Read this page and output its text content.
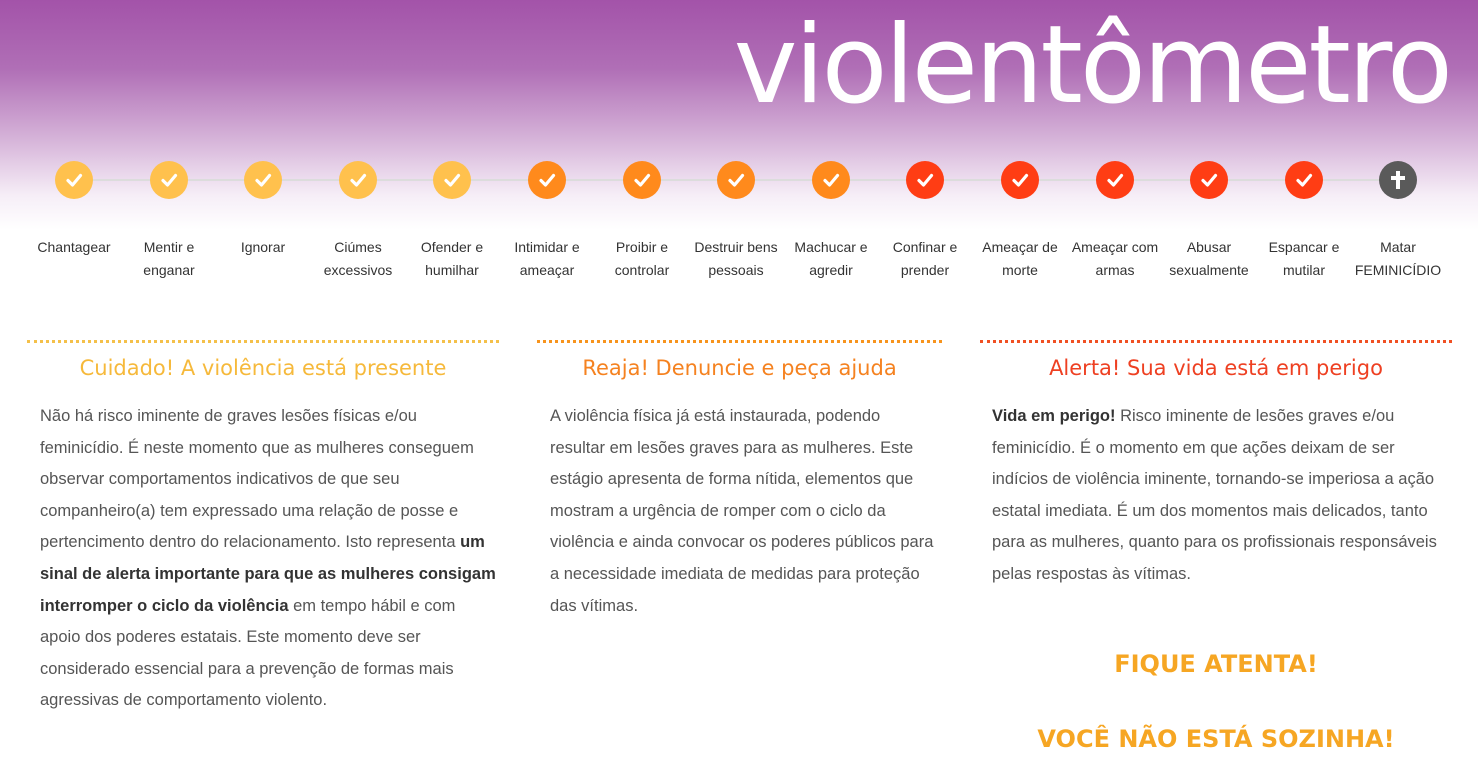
violentômetro
Chantagear	Mentir e enganar
Ignorar	Ciúmes excessivos
Ofender e humilhar
Intimidar e ameaçar
Proibir e controlar
Destruir bens pessoais
Machucar e agredir
Confinar e prender
Ameaçar de morte
Ameaçar com armas
Abusar sexualmente
Espancar e mutilar
Matar FEMINICÍDIO
Cuidado! A violência está presente

Não há risco iminente de graves lesões físicas e/ou feminicídio. É neste momento que as mulheres conseguem observar comportamentos indicativos de que seu companheiro(a) tem expressado uma relação de posse e pertencimento dentro do relacionamento. Isto representa um sinal de alerta importante para que as mulheres consigam interromper o ciclo da violência em tempo hábil e com apoio dos poderes estatais. Este momento deve ser considerado essencial para a prevenção de formas mais agressivas de comportamento violento.

Reaja! Denuncie e peça ajuda

A violência física já está instaurada, podendo resultar em lesões graves para as mulheres. Este estágio apresenta de forma nítida, elementos que mostram a urgência de romper com o ciclo da violência e ainda convocar os poderes públicos para a necessidade imediata de medidas para proteção das vítimas.

Alerta! Sua vida está em perigo

Vida em perigo! Risco iminente de lesões graves e/ou feminicídio. É o momento em que ações deixam de ser indícios de violência iminente, tornando-se imperiosa a ação estatal imediata. É um dos momentos mais delicados, tanto para as mulheres, quanto para os profissionais responsáveis pelas respostas às vítimas.

FIQUE ATENTA!
VOCÊ NÃO ESTÁ SOZINHA!
